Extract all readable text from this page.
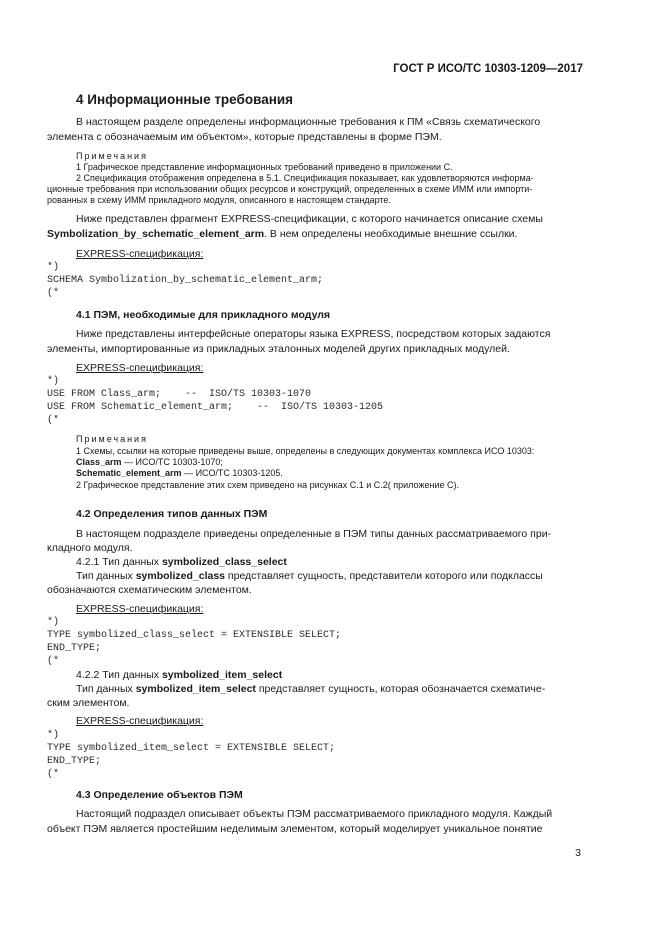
ГОСТ Р ИСО/ТС 10303-1209—2017
4 Информационные требования
В настоящем разделе определены информационные требования к ПМ «Связь схематического
элемента с обозначаемым им объектом», которые представлены в форме ПЭМ.
Примечания
1 Графическое представление информационных требований приведено в приложении С.
2 Спецификация отображения определена в 5.1. Спецификация показывает, как удовлетворяются информа-
ционные требования при использовании общих ресурсов и конструкций, определенных в схеме ИММ или импорти-
рованных в схему ИММ прикладного модуля, описанного в настоящем стандарте.
Ниже представлен фрагмент EXPRESS-спецификации, с которого начинается описание схемы
Symbolization_by_schematic_element_arm. В нем определены необходимые внешние ссылки.
EXPRESS-спецификация:
*)
SCHEMA Symbolization_by_schematic_element_arm;
(*
4.1 ПЭМ, необходимые для прикладного модуля
Ниже представлены интерфейсные операторы языка EXPRESS, посредством которых задаются
элементы, импортированные из прикладных эталонных моделей других прикладных модулей.
EXPRESS-спецификация:
*)
USE FROM Class_arm;    --  ISO/TS 10303-1070
USE FROM Schematic_element_arm;    --  ISO/TS 10303-1205
(*
Примечания
1 Схемы, ссылки на которые приведены выше, определены в следующих документах комплекса ИСО 10303:
Class_arm — ИСО/ТС 10303-1070;
Schematic_element_arm — ИСО/ТС 10303-1205.
2 Графическое представление этих схем приведено на рисунках С.1 и С.2( приложение С).
4.2 Определения типов данных ПЭМ
В настоящем подразделе приведены определенные в ПЭМ типы данных рассматриваемого при-
кладного модуля.
4.2.1 Тип данных symbolized_class_select
Тип данных symbolized_class представляет сущность, представители которого или подклассы
обозначаются схематическим элементом.
EXPRESS-спецификация:
*)
TYPE symbolized_class_select = EXTENSIBLE SELECT;
END_TYPE;
(*
4.2.2 Тип данных symbolized_item_select
Тип данных symbolized_item_select представляет сущность, которая обозначается схематиче-
ским элементом.
EXPRESS-спецификация:
*)
TYPE symbolized_item_select = EXTENSIBLE SELECT;
END_TYPE;
(*
4.3 Определение объектов ПЭМ
Настоящий подраздел описывает объекты ПЭМ рассматриваемого прикладного модуля. Каждый
объект ПЭМ является простейшим неделимым элементом, который моделирует уникальное понятие
3
